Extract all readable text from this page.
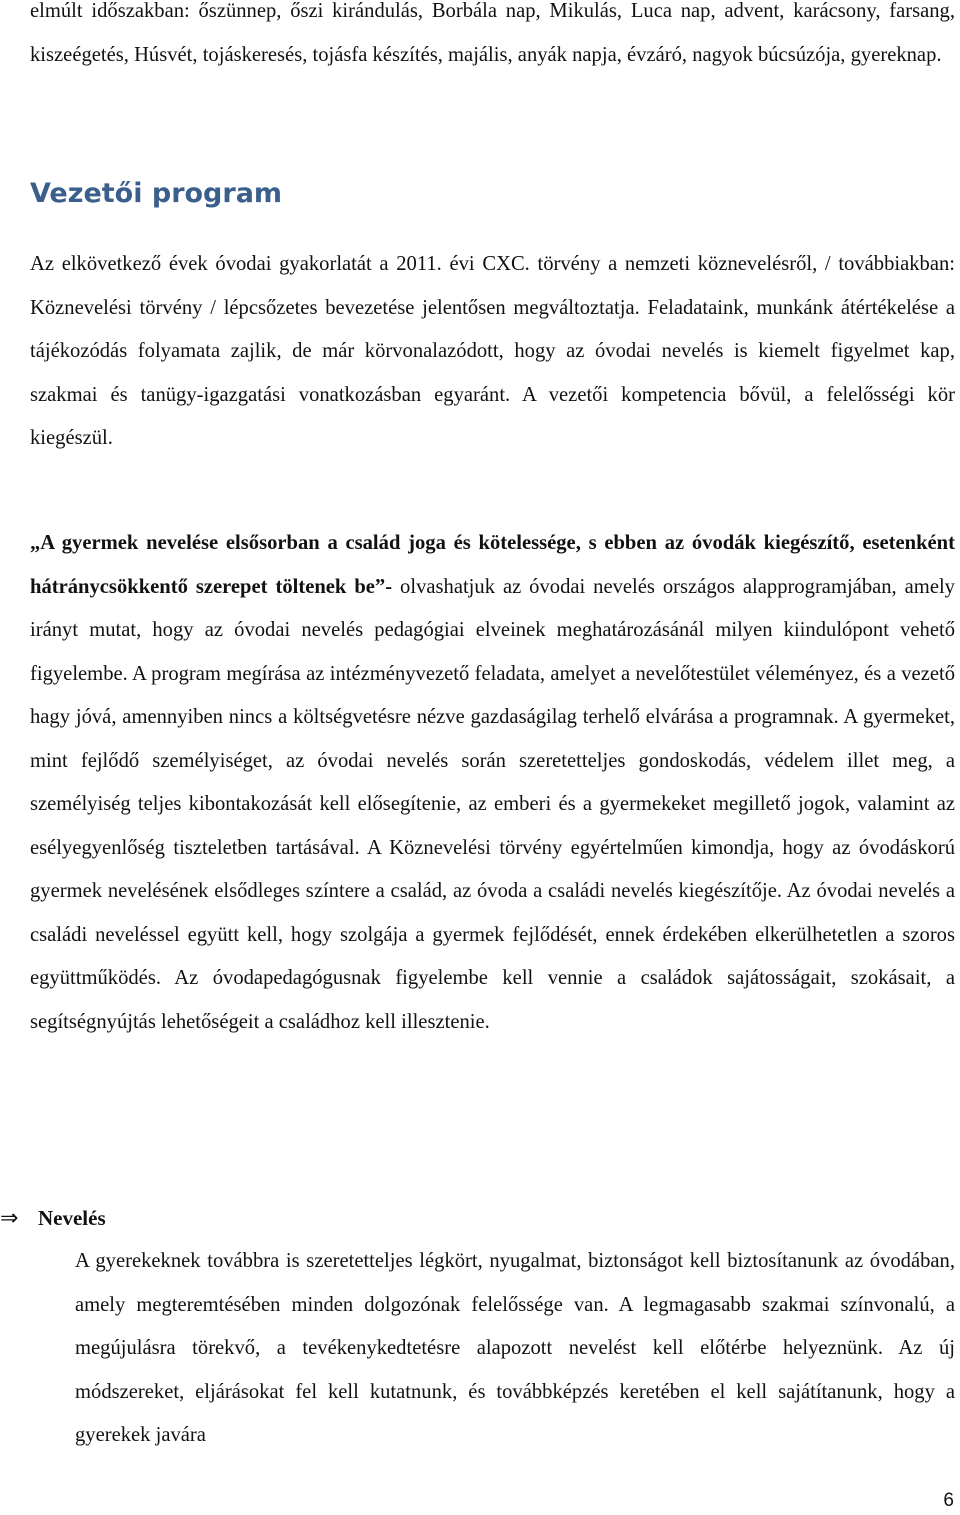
elmúlt időszakban: őszünnep, őszi kirándulás, Borbála nap, Mikulás, Luca nap, advent, karácsony, farsang, kiszeégetés, Húsvét, tojáskeresés, tojásfa készítés, majális, anyák napja, évzáró, nagyok búcsúzója, gyereknap.

Vezetői program

Az elkövetkező évek óvodai gyakorlatát a 2011. évi CXC. törvény a nemzeti köznevelésről, / továbbiakban: Köznevelési törvény / lépcsőzetes bevezetése jelentősen megváltoztatja. Feladataink, munkánk átértékelése a tájékozódás folyamata zajlik, de már körvonalazódott, hogy az óvodai nevelés is kiemelt figyelmet kap, szakmai és tanügy-igazgatási vonatkozásban egyaránt. A vezetői kompetencia bővül, a felelősségi kör kiegészül.

„A gyermek nevelése elsősorban a család joga és kötelessége, s ebben az óvodák kiegészítő, esetenként hátránycsökkentő szerepet töltenek be”- olvashatjuk az óvodai nevelés országos alapprogramjában, amely irányt mutat, hogy az óvodai nevelés pedagógiai elveinek meghatározásánál milyen kiindulópont vehető figyelembe. A program megírása az intézményvezető feladata, amelyet a nevelőtestület véleményez, és a vezető hagy jóvá, amennyiben nincs a költségvetésre nézve gazdaságilag terhelő elvárása a programnak. A gyermeket, mint fejlődő személyiséget, az óvodai nevelés során szeretetteljes gondoskodás, védelem illet meg, a személyiség teljes kibontakozását kell elősegítenie, az emberi és a gyermekeket megillető jogok, valamint az esélyegyenlőség tiszteletben tartásával. A Köznevelési törvény egyértelműen kimondja, hogy az óvodáskorú gyermek nevelésének elsődleges színtere a család, az óvoda a családi nevelés kiegészítője. Az óvodai nevelés a családi neveléssel együtt kell, hogy szolgája a gyermek fejlődését, ennek érdekében elkerülhetetlen a szoros együttműködés. Az óvodapedagógusnak figyelembe kell vennie a családok sajátosságait, szokásait, a segítségnyújtás lehetőségeit a családhoz kell illesztenie.

⇒ Nevelés

A gyerekeknek továbbra is szeretetteljes légkört, nyugalmat, biztonságot kell biztosítanunk az óvodában, amely megteremtésében minden dolgozónak felelőssége van. A legmagasabb szakmai színvonalú, a megújulásra törekvő, a tevékenykedtetésre alapozott nevelést kell előtérbe helyeznünk. Az új módszereket, eljárásokat fel kell kutatnunk, és továbbképzés keretében el kell sajátítanunk, hogy a gyerekek javára

6
